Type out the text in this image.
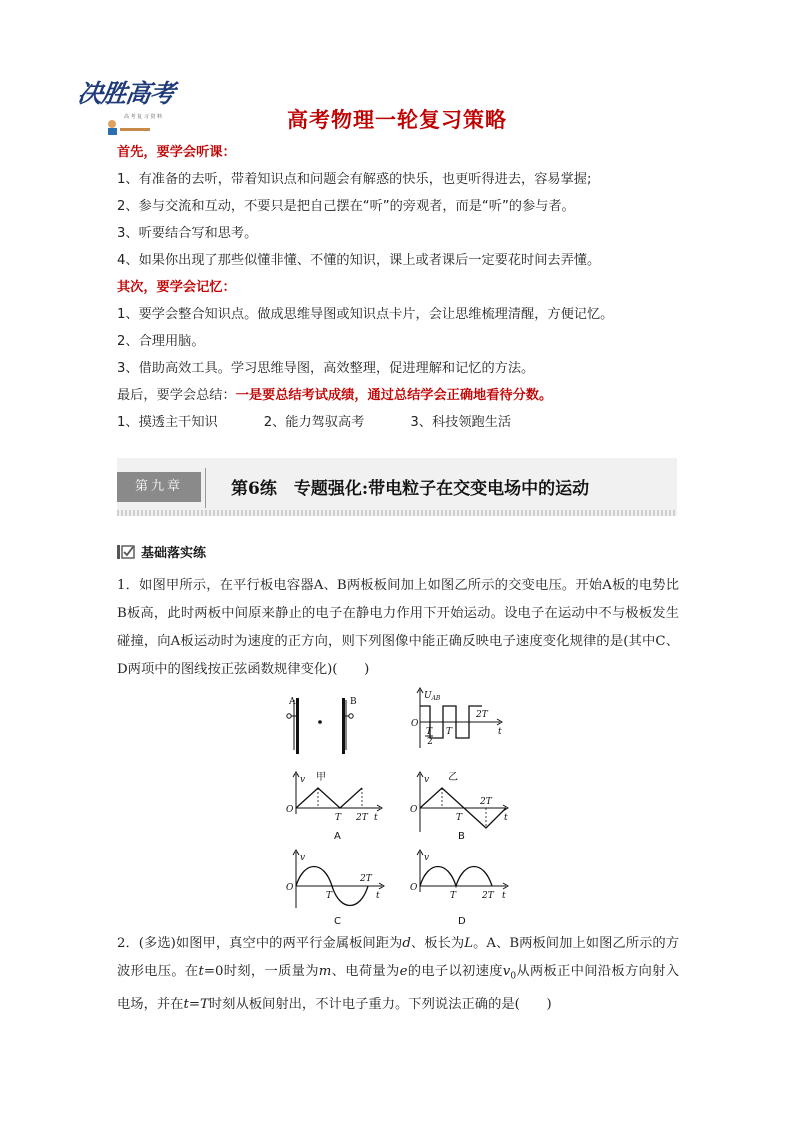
决胜高考
高 考 复 习 资 料	高考物理一轮复习策略
首先，要学会听课：
1、有准备的去听，带着知识点和问题会有解惑的快乐，也更听得进去，容易掌握;
2、参与交流和互动，不要只是把自己摆在“听”的旁观者，而是“听”的参与者。
3、听要结合写和思考。
4、如果你出现了那些似懂非懂、不懂的知识，课上或者课后一定要花时间去弄懂。
其次，要学会记忆：
1、要学会整合知识点。做成思维导图或知识点卡片，会让思维梳理清醒，方便记忆。
2、合理用脑。
3、借助高效工具。学习思维导图，高效整理，促进理解和记忆的方法。
最后，要学会总结：一是要总结考试成绩，通过总结学会正确地看待分数。
1、摸透主干知识	2、能力驾驭高考	3、科技领跑生活
第九章	第6练　专题强化:带电粒子在交变电场中的运动
基础落实练
1．如图甲所示，在平行板电容器A、B两板板间加上如图乙所示的交变电压。开始A板的电势比B板高，此时两板中间原来静止的电子在静电力作用下开始运动。设电子在运动中不与极板发生碰撞，向A板运动时为速度的正方向，则下列图像中能正确反映电子速度变化规律的是(其中C、D两项中的图线按正弦函数规律变化)(　　)
A	B
甲
$U_{AB}$
O
T
2
T
2T
t
乙
v
O
T 2T t
A
v
O
T
2T
t
B
v
O
T
2T
t
C
v
O
T	2T t
D
2．(多选)如图甲，真空中的两平行金属板间距为d、板长为L。A、B两板间加上如图乙所示的方波形电压。在t=0时刻，一质量为m、电荷量为e的电子以初速度$v_0$从两板正中间沿板方向射入电场，并在t=T时刻从板间射出，不计电子重力。下列说法正确的是(　　)
